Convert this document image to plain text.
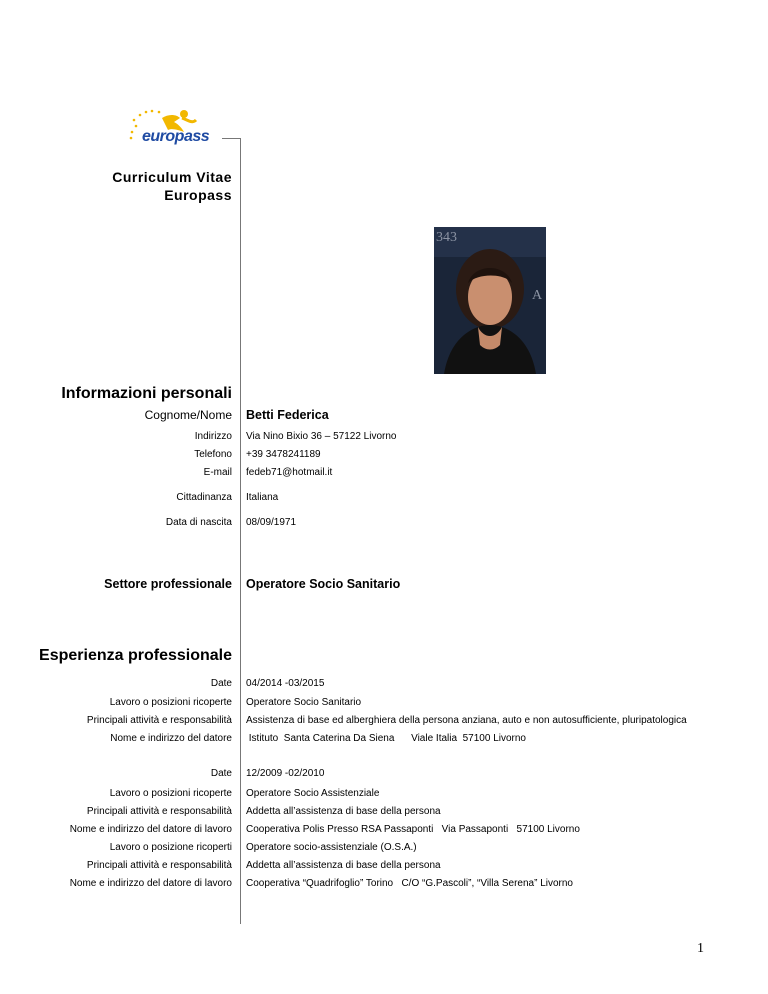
europass
Curriculum Vitae
Europass
A
343
Informazioni personali
Cognome/Nome Betti Federica
Indirizzo Via Nino Bixio 36 – 57122 Livorno
Telefono +39 3478241189
E-mail fedeb71@hotmail.it
Cittadinanza Italiana
Data di nascita 08/09/1971
Settore professionale Operatore Socio Sanitario
Esperienza professionale
Date 04/2014 -03/2015
Lavoro o posizioni ricoperte Operatore Socio Sanitario
Principali attività e responsabilità Assistenza di base ed alberghiera della persona anziana, auto e non autosufficiente, pluripatologica
Nome e indirizzo del datore Istituto  Santa Caterina Da Siena      Viale Italia  57100 Livorno
Date 12/2009 -02/2010
Lavoro o posizioni ricoperte Operatore Socio Assistenziale
Principali attività e responsabilità Addetta all’assistenza di base della persona
Nome e indirizzo del datore di lavoro Cooperativa Polis Presso RSA Passaponti   Via Passaponti   57100 Livorno
Lavoro o posizione ricoperti Operatore socio-assistenziale (O.S.A.)
Principali attività e responsabilità Addetta all’assistenza di base della persona
Nome e indirizzo del datore di lavoro Cooperativa “Quadrifoglio” Torino   C/O “G.Pascoli”, “Villa Serena” Livorno
1
